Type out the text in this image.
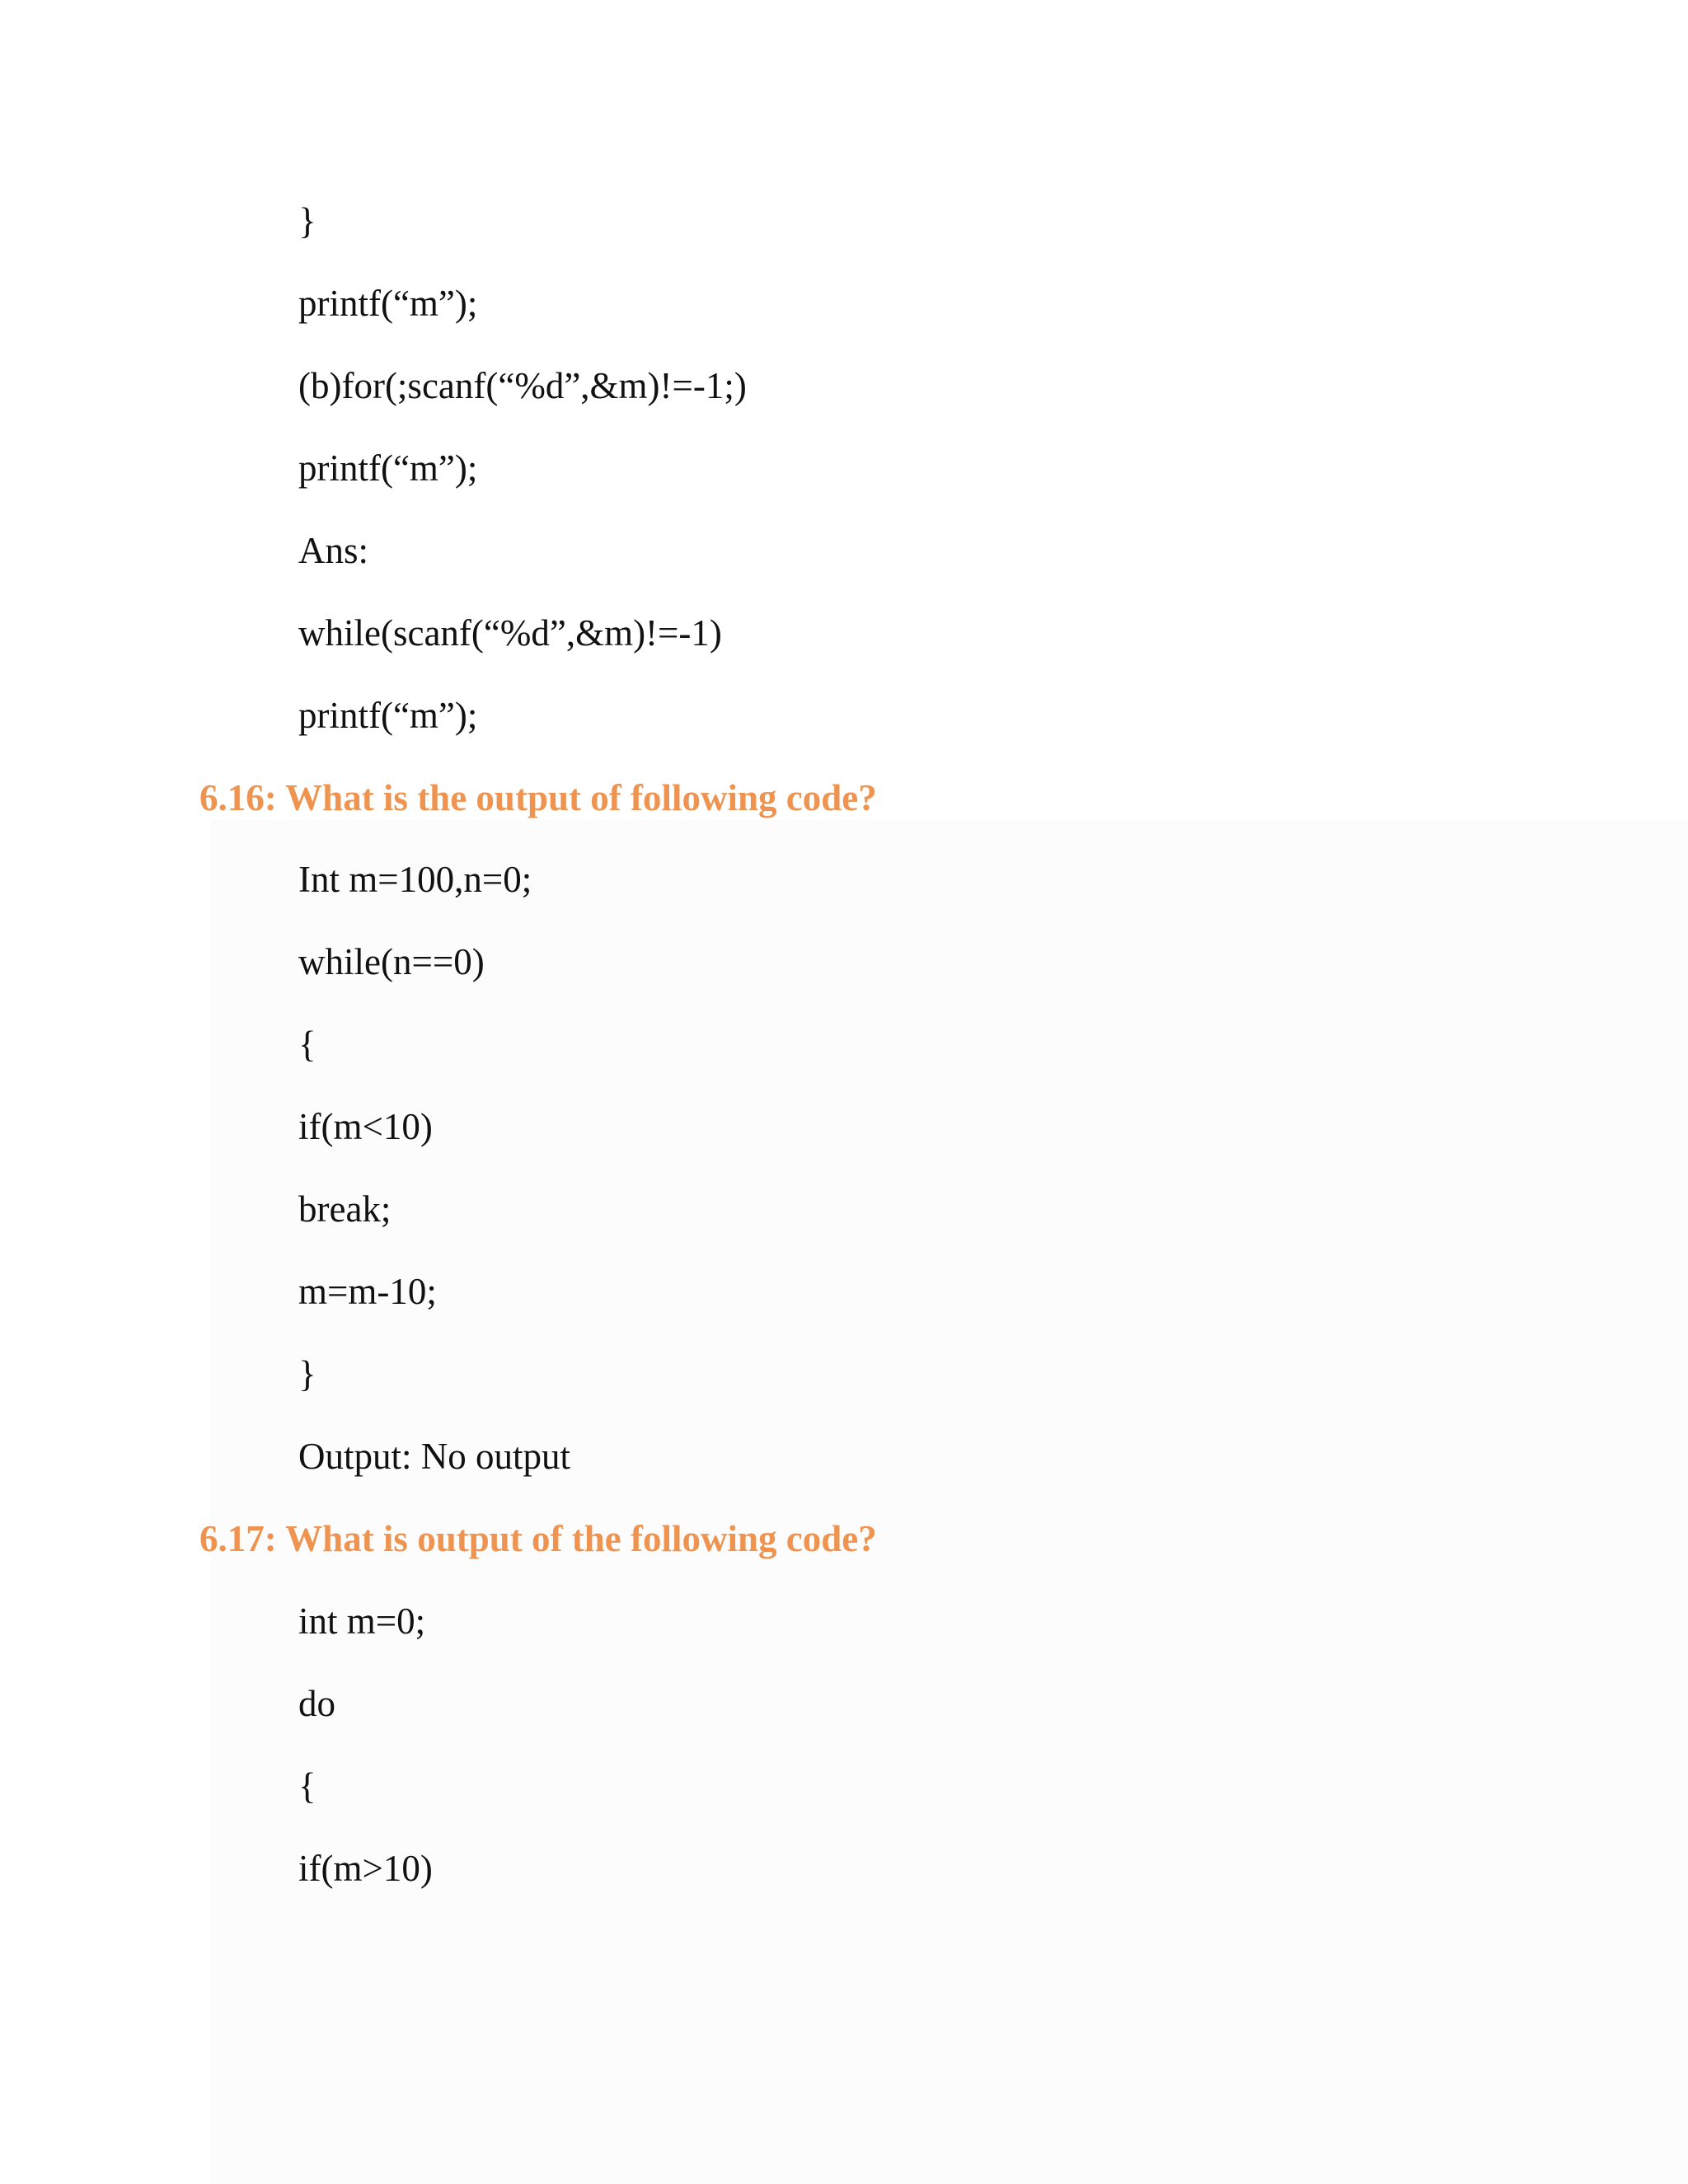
}
printf(“m”);
(b)for(;scanf(“%d”,&m)!=-1;)
printf(“m”);
Ans:
while(scanf(“%d”,&m)!=-1)
printf(“m”);
6.16: What is the output of following code?
Int m=100,n=0;
while(n==0)
{
if(m<10)
break;
m=m-10;
}
Output: No output
6.17: What is output of the following code?
int m=0;
do
{
if(m>10)
